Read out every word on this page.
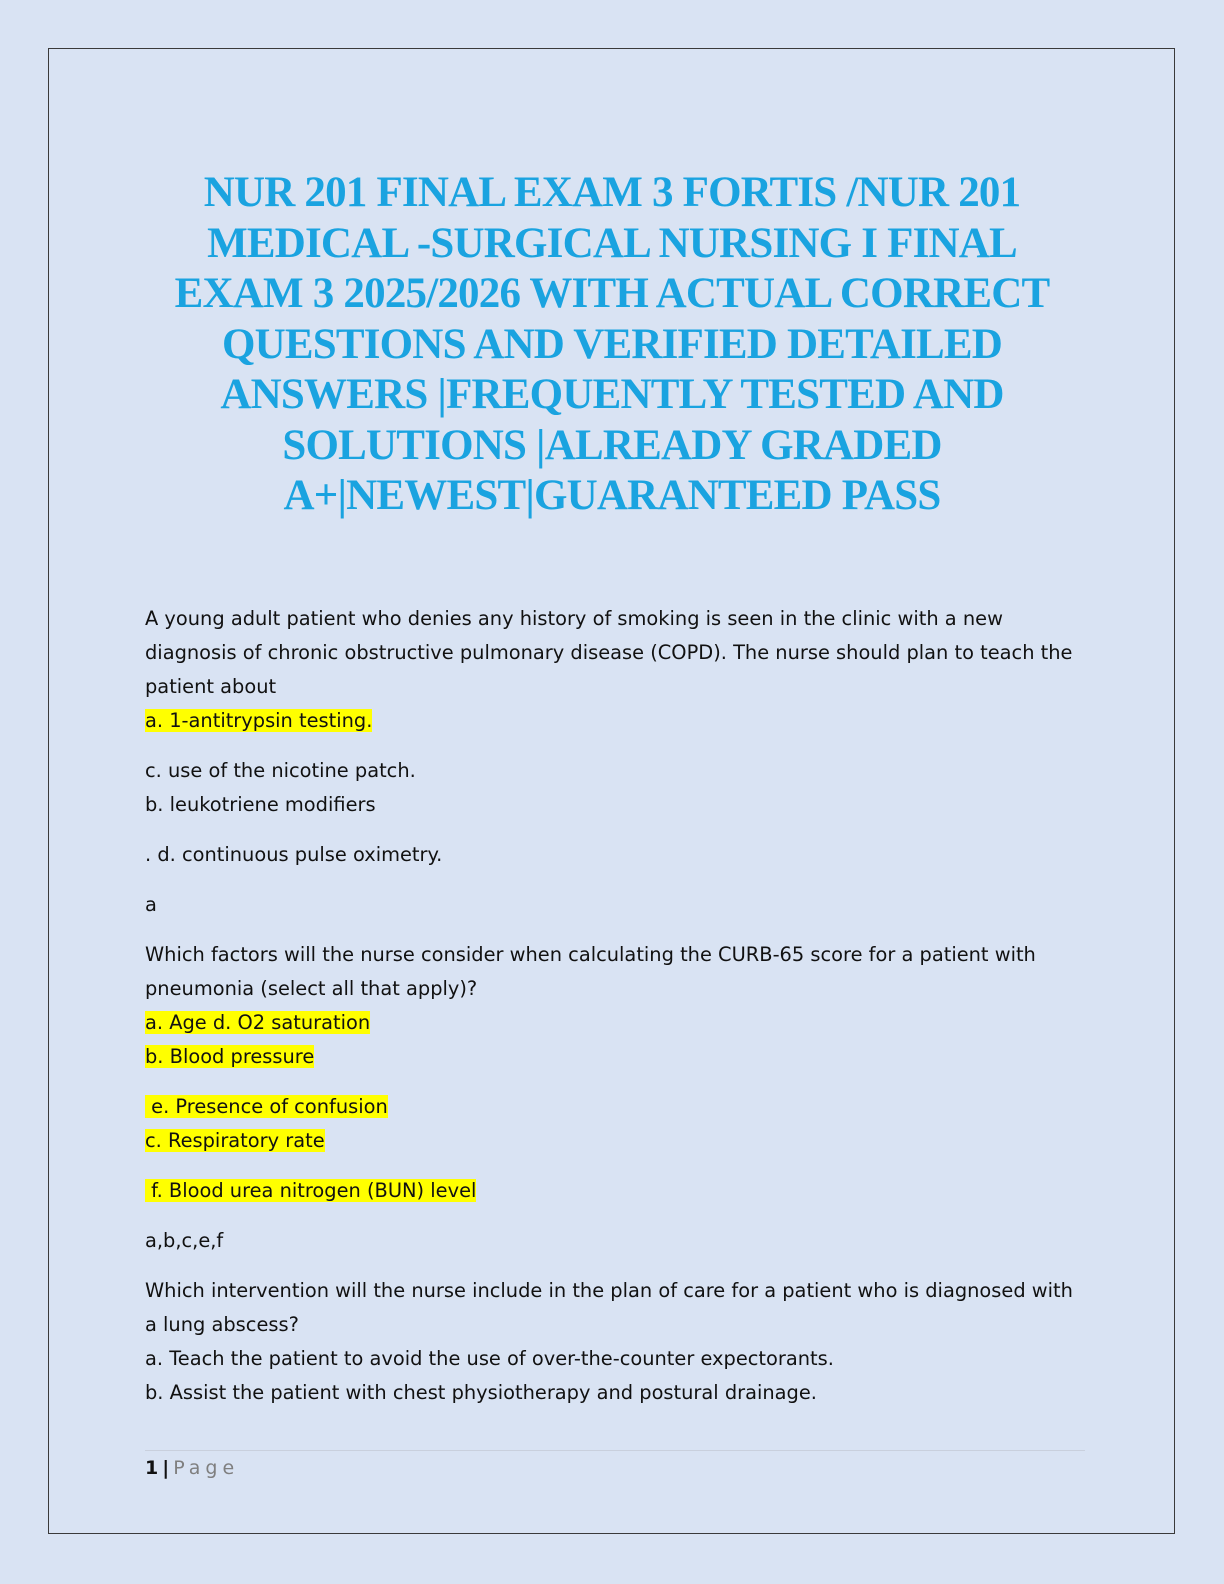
NUR 201 FINAL EXAM 3 FORTIS /NUR 201
MEDICAL -SURGICAL NURSING I FINAL
EXAM 3 2025/2026 WITH ACTUAL CORRECT
QUESTIONS AND VERIFIED DETAILED
ANSWERS |FREQUENTLY TESTED AND
SOLUTIONS |ALREADY GRADED
A+|NEWEST|GUARANTEED PASS
A young adult patient who denies any history of smoking is seen in the clinic with a new
diagnosis of chronic obstructive pulmonary disease (COPD). The nurse should plan to teach the
patient about
a. 1-antitrypsin testing.
c. use of the nicotine patch.
b. leukotriene modifiers
. d. continuous pulse oximetry.
a
Which factors will the nurse consider when calculating the CURB-65 score for a patient with
pneumonia (select all that apply)?
a. Age d. O2 saturation
b. Blood pressure
e. Presence of confusion
c. Respiratory rate
f. Blood urea nitrogen (BUN) level
a,b,c,e,f
Which intervention will the nurse include in the plan of care for a patient who is diagnosed with
a lung abscess?
a. Teach the patient to avoid the use of over-the-counter expectorants.
b. Assist the patient with chest physiotherapy and postural drainage.
1 | Page
